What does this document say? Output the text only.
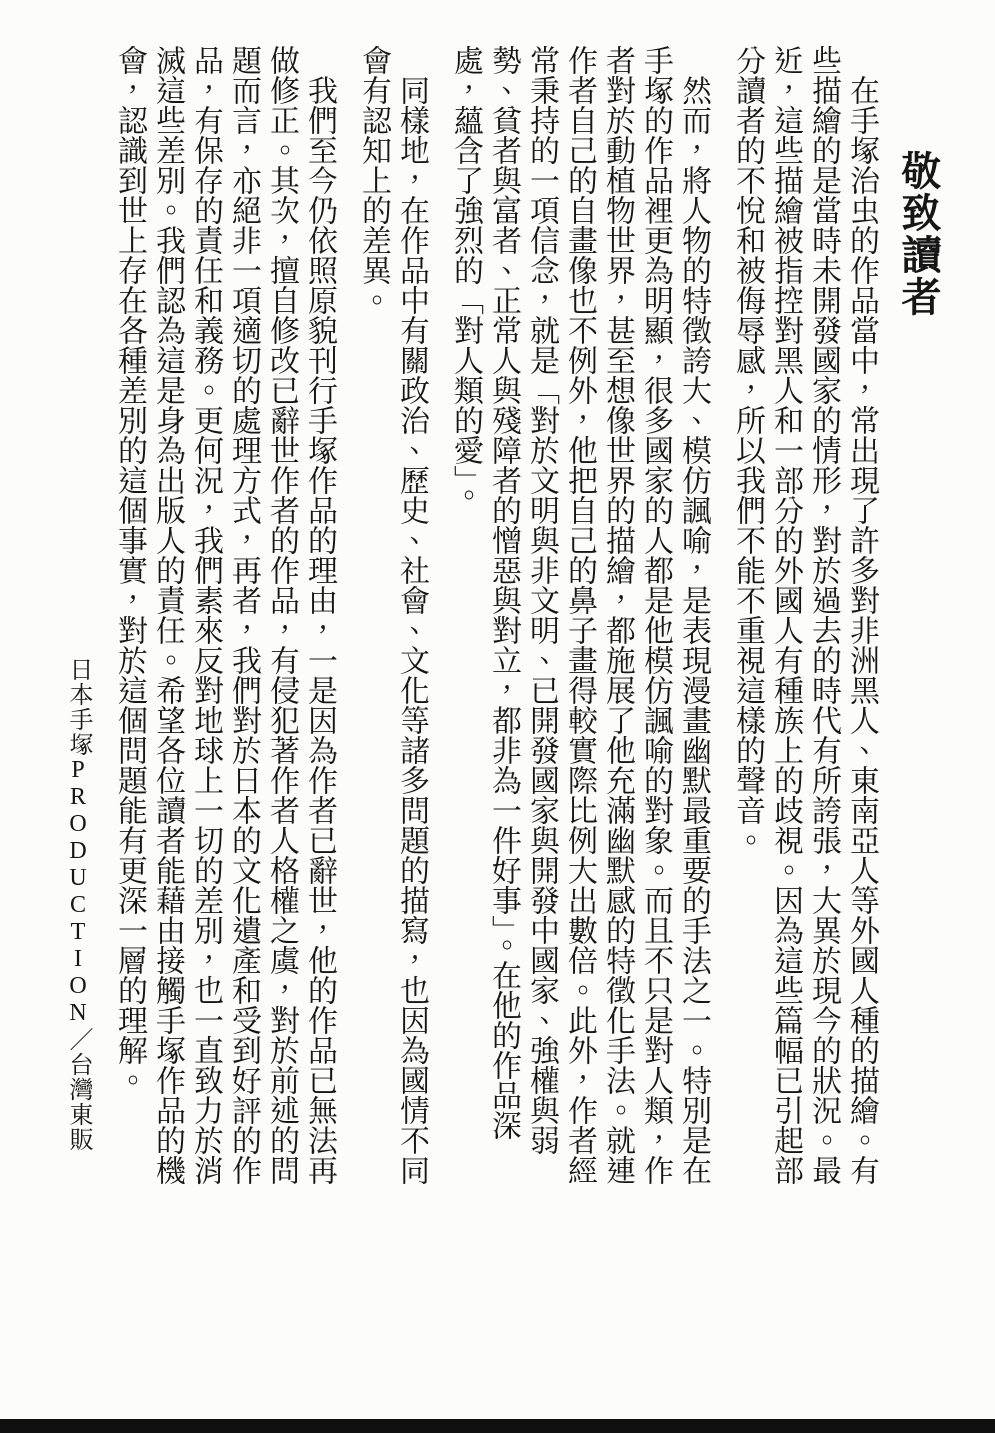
敬致讀者

在手塚治虫的作品當中，常出現了許多對非洲黑人、東南亞人等外國人種的描繪。有些描繪的是當時未開發國家的情形，對於過去的時代有所誇張，大異於現今的狀況。最近，這些描繪被指控對黑人和一部分的外國人有種族上的歧視。因為這些篇幅已引起部分讀者的不悅和被侮辱感，所以我們不能不重視這樣的聲音。

然而，將人物的特徵誇大、模仿諷喻，是表現漫畫幽默最重要的手法之一。特別是在手塚的作品裡更為明顯，很多國家的人都是他模仿諷喻的對象。而且不只是對人類，作者對於動植物世界，甚至想像世界的描繪，都施展了他充滿幽默感的特徵化手法。就連作者自己的自畫像也不例外，他把自己的鼻子畫得較實際比例大出數倍。此外，作者經常秉持的一項信念，就是「對於文明與非文明、已開發國家與開發中國家、強權與弱勢、貧者與富者、正常人與殘障者的憎惡與對立，都非為一件好事」。在他的作品深處，蘊含了強烈的「對人類的愛」。

同樣地，在作品中有關政治、歷史、社會、文化等諸多問題的描寫，也因為國情不同會有認知上的差異。

我們至今仍依照原貌刊行手塚作品的理由，一是因為作者已辭世，他的作品已無法再做修正。其次，擅自修改已辭世作者的作品，有侵犯著作者人格權之虞，對於前述的問題而言，亦絕非一項適切的處理方式，再者，我們對於日本的文化遺產和受到好評的作品，有保存的責任和義務。更何況，我們素來反對地球上一切的差別，也一直致力於消滅這些差別。我們認為這是身為出版人的責任。希望各位讀者能藉由接觸手塚作品的機會，認識到世上存在各種差別的這個事實，對於這個問題能有更深一層的理解。

日本手塚PRODUCTION／台灣東販
